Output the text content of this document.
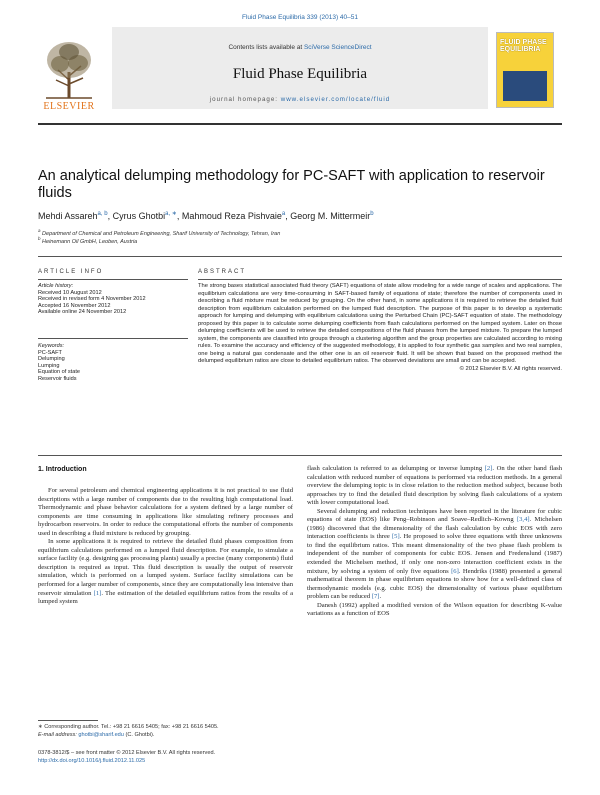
Fluid Phase Equilibria 339 (2013) 40–51
Contents lists available at SciVerse ScienceDirect
Fluid Phase Equilibria
journal homepage: www.elsevier.com/locate/fluid
ELSEVIER
FLUID PHASE EQUILIBRIA
An analytical delumping methodology for PC-SAFT with application to reservoir fluids
Mehdi Assareh$^{a, b}$, Cyrus Ghotbi$^{a, ∗}$, Mahmoud Reza Pishvaie$^a$, Georg M. Mittermeir$^b$
$^a$ Department of Chemical and Petroleum Engineering, Sharif University of Technology, Tehran, Iran
$^b$ Heinemann Oil GmbH, Leoben, Austria
ARTICLE INFO	ABSTRACT
Article history:
Received 10 August 2012
Received in revised form 4 November 2012
Accepted 16 November 2012
Available online 24 November 2012
Keywords:
PC-SAFT
Delumping
Lumping
Equation of state
Reservoir fluids
The strong bases statistical associated fluid theory (SAFT) equations of state allow modeling for a wide range of scales and applications. The equilibrium calculations are very time-consuming in SAFT-based family of equations of state; therefore the number of components used in describing a fluid mixture must be reduced by grouping. On the other hand, in some applications it is required to retrieve the detailed fluid description from equilibrium calculation performed on the lumped fluid description. The purpose of this paper is to develop a systematic approach for lumping and delumping with equilibrium calculations using the Perturbed Chain (PC)-SAFT equation of state. The methodology proposed by this paper is to calculate some delumping coefficients from flash calculations performed on the lumped system. Later on those delumping coefficients will be used to retrieve the detailed compositions of the fluid phases from the lumped mixture. To prepare the lumped system, the components are classified into groups through a clustering algorithm and the group properties are calculated according to mixing rules. To examine the accuracy and efficiency of the suggested methodology, it is applied to four synthetic gas samples and two real samples, one being a natural gas condensate and the other one is an oil reservoir fluid. It will be shown that based on the proposed method the delumped equilibrium ratios are close to detailed equilibrium ratios. The observed deviations are small and can be accepted.
© 2012 Elsevier B.V. All rights reserved.
1. Introduction

For several petroleum and chemical engineering applications it is not practical to use fluid descriptions with a large number of components due to the resulting high computational load. Thermodynamic and phase behavior calculations for a system defined by a large number of components are time consuming in applications like simulating refinery processes and hydrocarbon reservoirs. In order to reduce the computational efforts the number of components used in describing a fluid mixture is reduced by grouping.

In some applications it is required to retrieve the detailed fluid phases composition from equilibrium calculations performed on a lumped fluid description. For example, to simulate a surface facility (e.g. designing gas processing plants) usually a precise (many components) fluid description is required as input. This fluid description is usually the output of reservoir simulation, which is performed on a lumped system. Surface facility simulations can be performed for a larger number of components, since they are computationally less intensive than reservoir simulation [1]. The estimation of the detailed equilibrium ratios from the results of a lumped system

flash calculation is referred to as delumping or inverse lumping [2]. On the other hand flash calculation with reduced number of equations is performed via reduction methods. In a general overview the delumping topic is in close relation to the reduction method subject, because both approaches try to find the detailed fluid description by solving flash calculations of a system with lower computational load.

Several delumping and reduction techniques have been reported in the literature for cubic equations of state (EOS) like Peng–Robinson and Soave–Redlich–Kowng [3,4]. Michelsen (1986) discovered that the dimensionality of the flash calculation by cubic EOS with zero interaction coefficients is three [5]. He proposed to solve three equations with three unknowns to find the equilibrium ratios. This meant dimensionality of the two phase flash problem is independent of the number of components for cubic EOS. Jensen and Fredenslund (1987) extended the Michelsen method, if only one non-zero interaction coefficient exists in the mixture, by solving a system of only five equations [6]. Hendriks (1988) presented a general mathematical theorem in phase equilibrium equations to show how for a well-defined class of thermodynamic models (e.g. cubic EOS) the dimensionality of various phase equilibrium problem can be reduced [7].

Danesh (1992) applied a modified version of the Wilson equation for describing K-value variations as a function of EOS

∗ Corresponding author. Tel.: +98 21 6616 5405; fax: +98 21 6616 5405.
E-mail address: ghotbi@sharif.edu (C. Ghotbi).
0378-3812/$ – see front matter © 2012 Elsevier B.V. All rights reserved.
http://dx.doi.org/10.1016/j.fluid.2012.11.025
